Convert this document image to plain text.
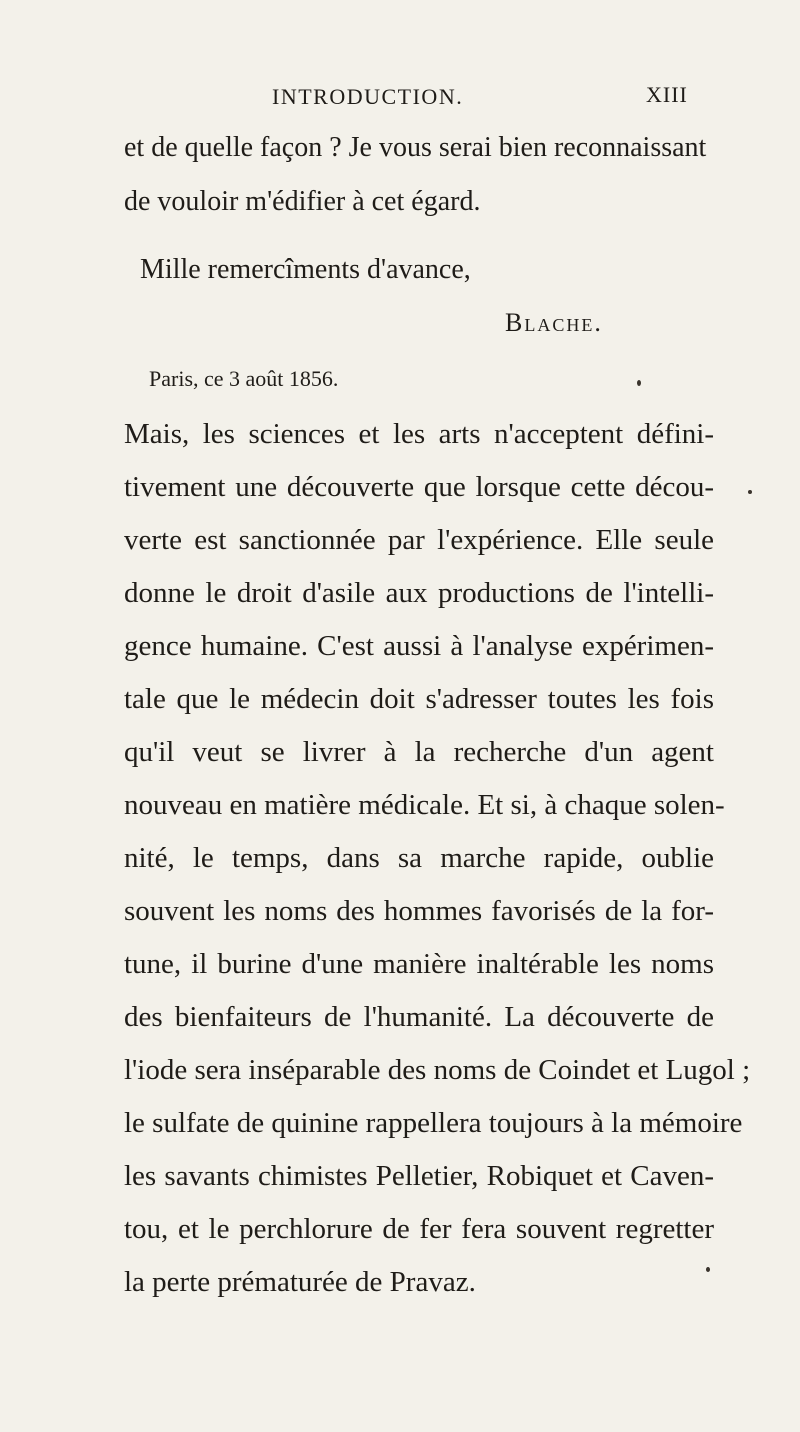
INTRODUCTION.	XIII
et de quelle façon ? Je vous serai bien reconnaissant
de vouloir m'édifier à cet égard.
Mille remercîments d'avance,
Blache.
Paris, ce 3 août 1856.
Mais, les sciences et les arts n'acceptent défini-
tivement une découverte que lorsque cette décou-
verte est sanctionnée par l'expérience. Elle seule
donne le droit d'asile aux productions de l'intelli-
gence humaine. C'est aussi à l'analyse expérimen-
tale que le médecin doit s'adresser toutes les fois
qu'il veut se livrer à la recherche d'un agent
nouveau en matière médicale. Et si, à chaque solen-
nité, le temps, dans sa marche rapide, oublie
souvent les noms des hommes favorisés de la for-
tune, il burine d'une manière inaltérable les noms
des bienfaiteurs de l'humanité. La découverte de
l'iode sera inséparable des noms de Coindet et Lugol ;
le sulfate de quinine rappellera toujours à la mémoire
les savants chimistes Pelletier, Robiquet et Caven-
tou, et le perchlorure de fer fera souvent regretter
la perte prématurée de Pravaz.
